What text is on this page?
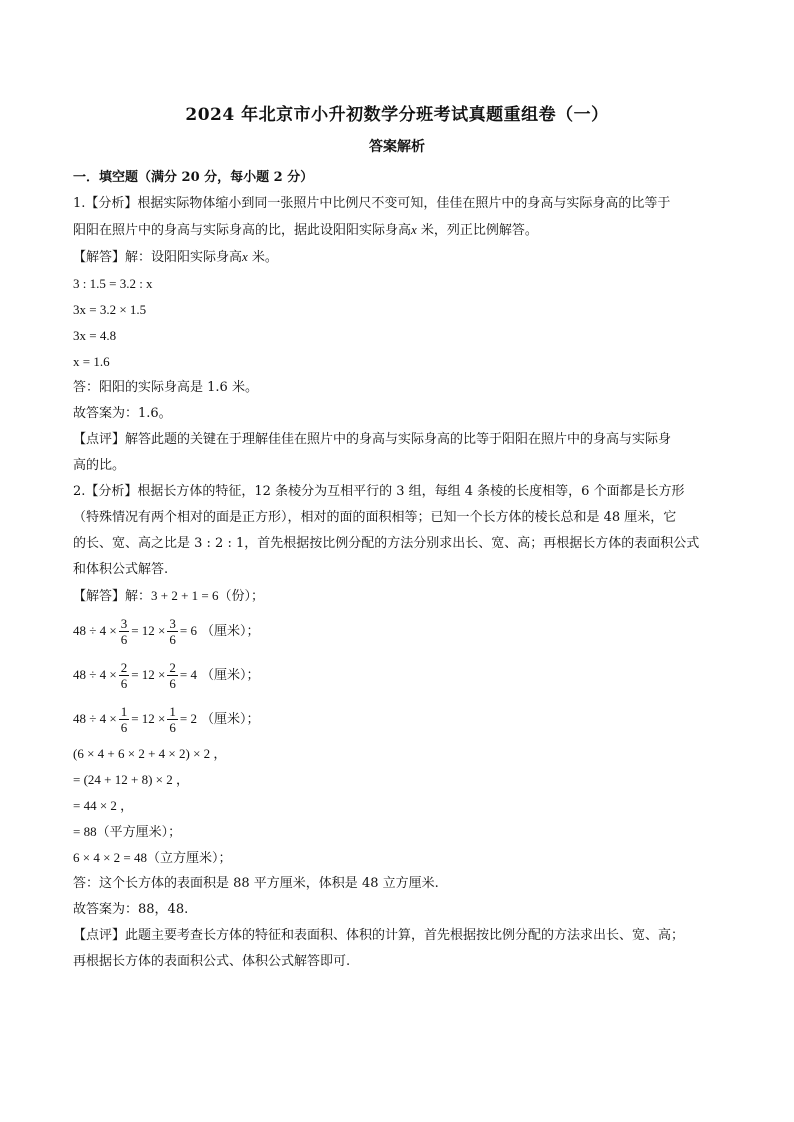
2024 年北京市小升初数学分班考试真题重组卷（一）
答案解析
一．填空题（满分 20 分，每小题 2 分）
1.【分析】根据实际物体缩小到同一张照片中比例尺不变可知，佳佳在照片中的身高与实际身高的比等于
阳阳在照片中的身高与实际身高的比，据此设阳阳实际身高x 米，列正比例解答。
【解答】解：设阳阳实际身高x 米。
3 : 1.5 = 3.2 : x
3x = 3.2 × 1.5
3x = 4.8
x = 1.6
答：阳阳的实际身高是 1.6 米。
故答案为：1.6。
【点评】解答此题的关键在于理解佳佳在照片中的身高与实际身高的比等于阳阳在照片中的身高与实际身
高的比。
2.【分析】根据长方体的特征，12 条棱分为互相平行的 3 组，每组 4 条棱的长度相等，6 个面都是长方形
（特殊情况有两个相对的面是正方形），相对的面的面积相等；已知一个长方体的棱长总和是 48 厘米，它
的长、宽、高之比是 3 : 2 : 1，首先根据按比例分配的方法分别求出长、宽、高；再根据长方体的表面积公式
和体积公式解答.
【解答】解：3 + 2 + 1 = 6（份）；
$48 \div 4 \times \frac{3}{6} = 12 \times \frac{3}{6} = 6$ （厘米）；
$48 \div 4 \times \frac{2}{6} = 12 \times \frac{2}{6} = 4$ （厘米）；
$48 \div 4 \times \frac{1}{6} = 12 \times \frac{1}{6} = 2$ （厘米）；
(6 × 4 + 6 × 2 + 4 × 2) × 2 ，
= (24 + 12 + 8) × 2 ，
= 44 × 2 ，
= 88（平方厘米）；
6 × 4 × 2 = 48（立方厘米）；
答：这个长方体的表面积是 88 平方厘米，体积是 48 立方厘米.
故答案为：88，48.
【点评】此题主要考查长方体的特征和表面积、体积的计算，首先根据按比例分配的方法求出长、宽、高；
再根据长方体的表面积公式、体积公式解答即可.
